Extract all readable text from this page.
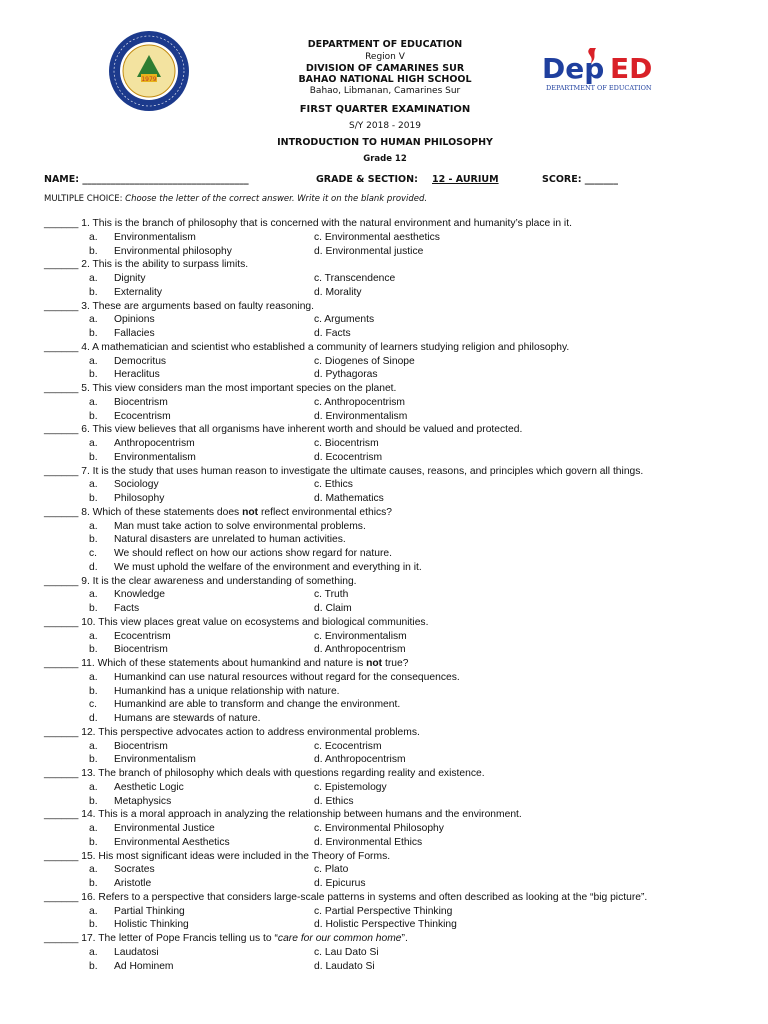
1979	Dep ED
DEPARTMENT OF EDUCATION
DEPARTMENT OF EDUCATION
Region V
DIVISION OF CAMARINES SUR
BAHAO NATIONAL HIGH SCHOOL
Bahao, Libmanan, Camarines Sur
FIRST QUARTER EXAMINATION
S/Y 2018 - 2019
INTRODUCTION TO HUMAN PHILOSOPHY
Grade 12
NAME: ___________________________________	GRADE & SECTION: 12 - AURIUM	SCORE: _______
MULTIPLE CHOICE: Choose the letter of the correct answer. Write it on the blank provided.
______ 1. This is the branch of philosophy that is concerned with the natural environment and humanity’s place in it.
a. Environmentalism	c. Environmental aesthetics
b. Environmental philosophy	d. Environmental justice
______ 2. This is the ability to surpass limits.
a. Dignity	c. Transcendence
b. Externality	d. Morality
______ 3. These are arguments based on faulty reasoning.
a. Opinions	c. Arguments
b. Fallacies	d. Facts
______ 4. A mathematician and scientist who established a community of learners studying religion and philosophy.
a. Democritus	c. Diogenes of Sinope
b. Heraclitus	d. Pythagoras
______ 5. This view considers man the most important species on the planet.
a. Biocentrism	c. Anthropocentrism
b. Ecocentrism	d. Environmentalism
______ 6. This view believes that all organisms have inherent worth and should be valued and protected.
a. Anthropocentrism	c. Biocentrism
b. Environmentalism	d. Ecocentrism
______ 7. It is the study that uses human reason to investigate the ultimate causes, reasons, and principles which govern all things.
a. Sociology	c. Ethics
b. Philosophy	d. Mathematics
______ 8. Which of these statements does not reflect environmental ethics?
a. Man must take action to solve environmental problems.
b. Natural disasters are unrelated to human activities.
c. We should reflect on how our actions show regard for nature.
d. We must uphold the welfare of the environment and everything in it.
______ 9. It is the clear awareness and understanding of something.
a. Knowledge	c. Truth
b. Facts	d. Claim
______ 10. This view places great value on ecosystems and biological communities.
a. Ecocentrism	c. Environmentalism
b. Biocentrism	d. Anthropocentrism
______ 11. Which of these statements about humankind and nature is not true?
a. Humankind can use natural resources without regard for the consequences.
b. Humankind has a unique relationship with nature.
c. Humankind are able to transform and change the environment.
d. Humans are stewards of nature.
______ 12. This perspective advocates action to address environmental problems.
a. Biocentrism	c. Ecocentrism
b. Environmentalism	d. Anthropocentrism
______ 13. The branch of philosophy which deals with questions regarding reality and existence.
a. Aesthetic Logic	c. Epistemology
b. Metaphysics	d. Ethics
______ 14. This is a moral approach in analyzing the relationship between humans and the environment.
a. Environmental Justice	c. Environmental Philosophy
b. Environmental Aesthetics	d. Environmental Ethics
______ 15. His most significant ideas were included in the Theory of Forms.
a. Socrates	c. Plato
b. Aristotle	d. Epicurus
______ 16. Refers to a perspective that considers large-scale patterns in systems and often described as looking at the “big picture”.
a. Partial Thinking	c. Partial Perspective Thinking
b. Holistic Thinking	d. Holistic Perspective Thinking
______ 17. The letter of Pope Francis telling us to “care for our common home”.
a. Laudatosi	c. Lau Dato Si
b. Ad Hominem	d. Laudato Si
